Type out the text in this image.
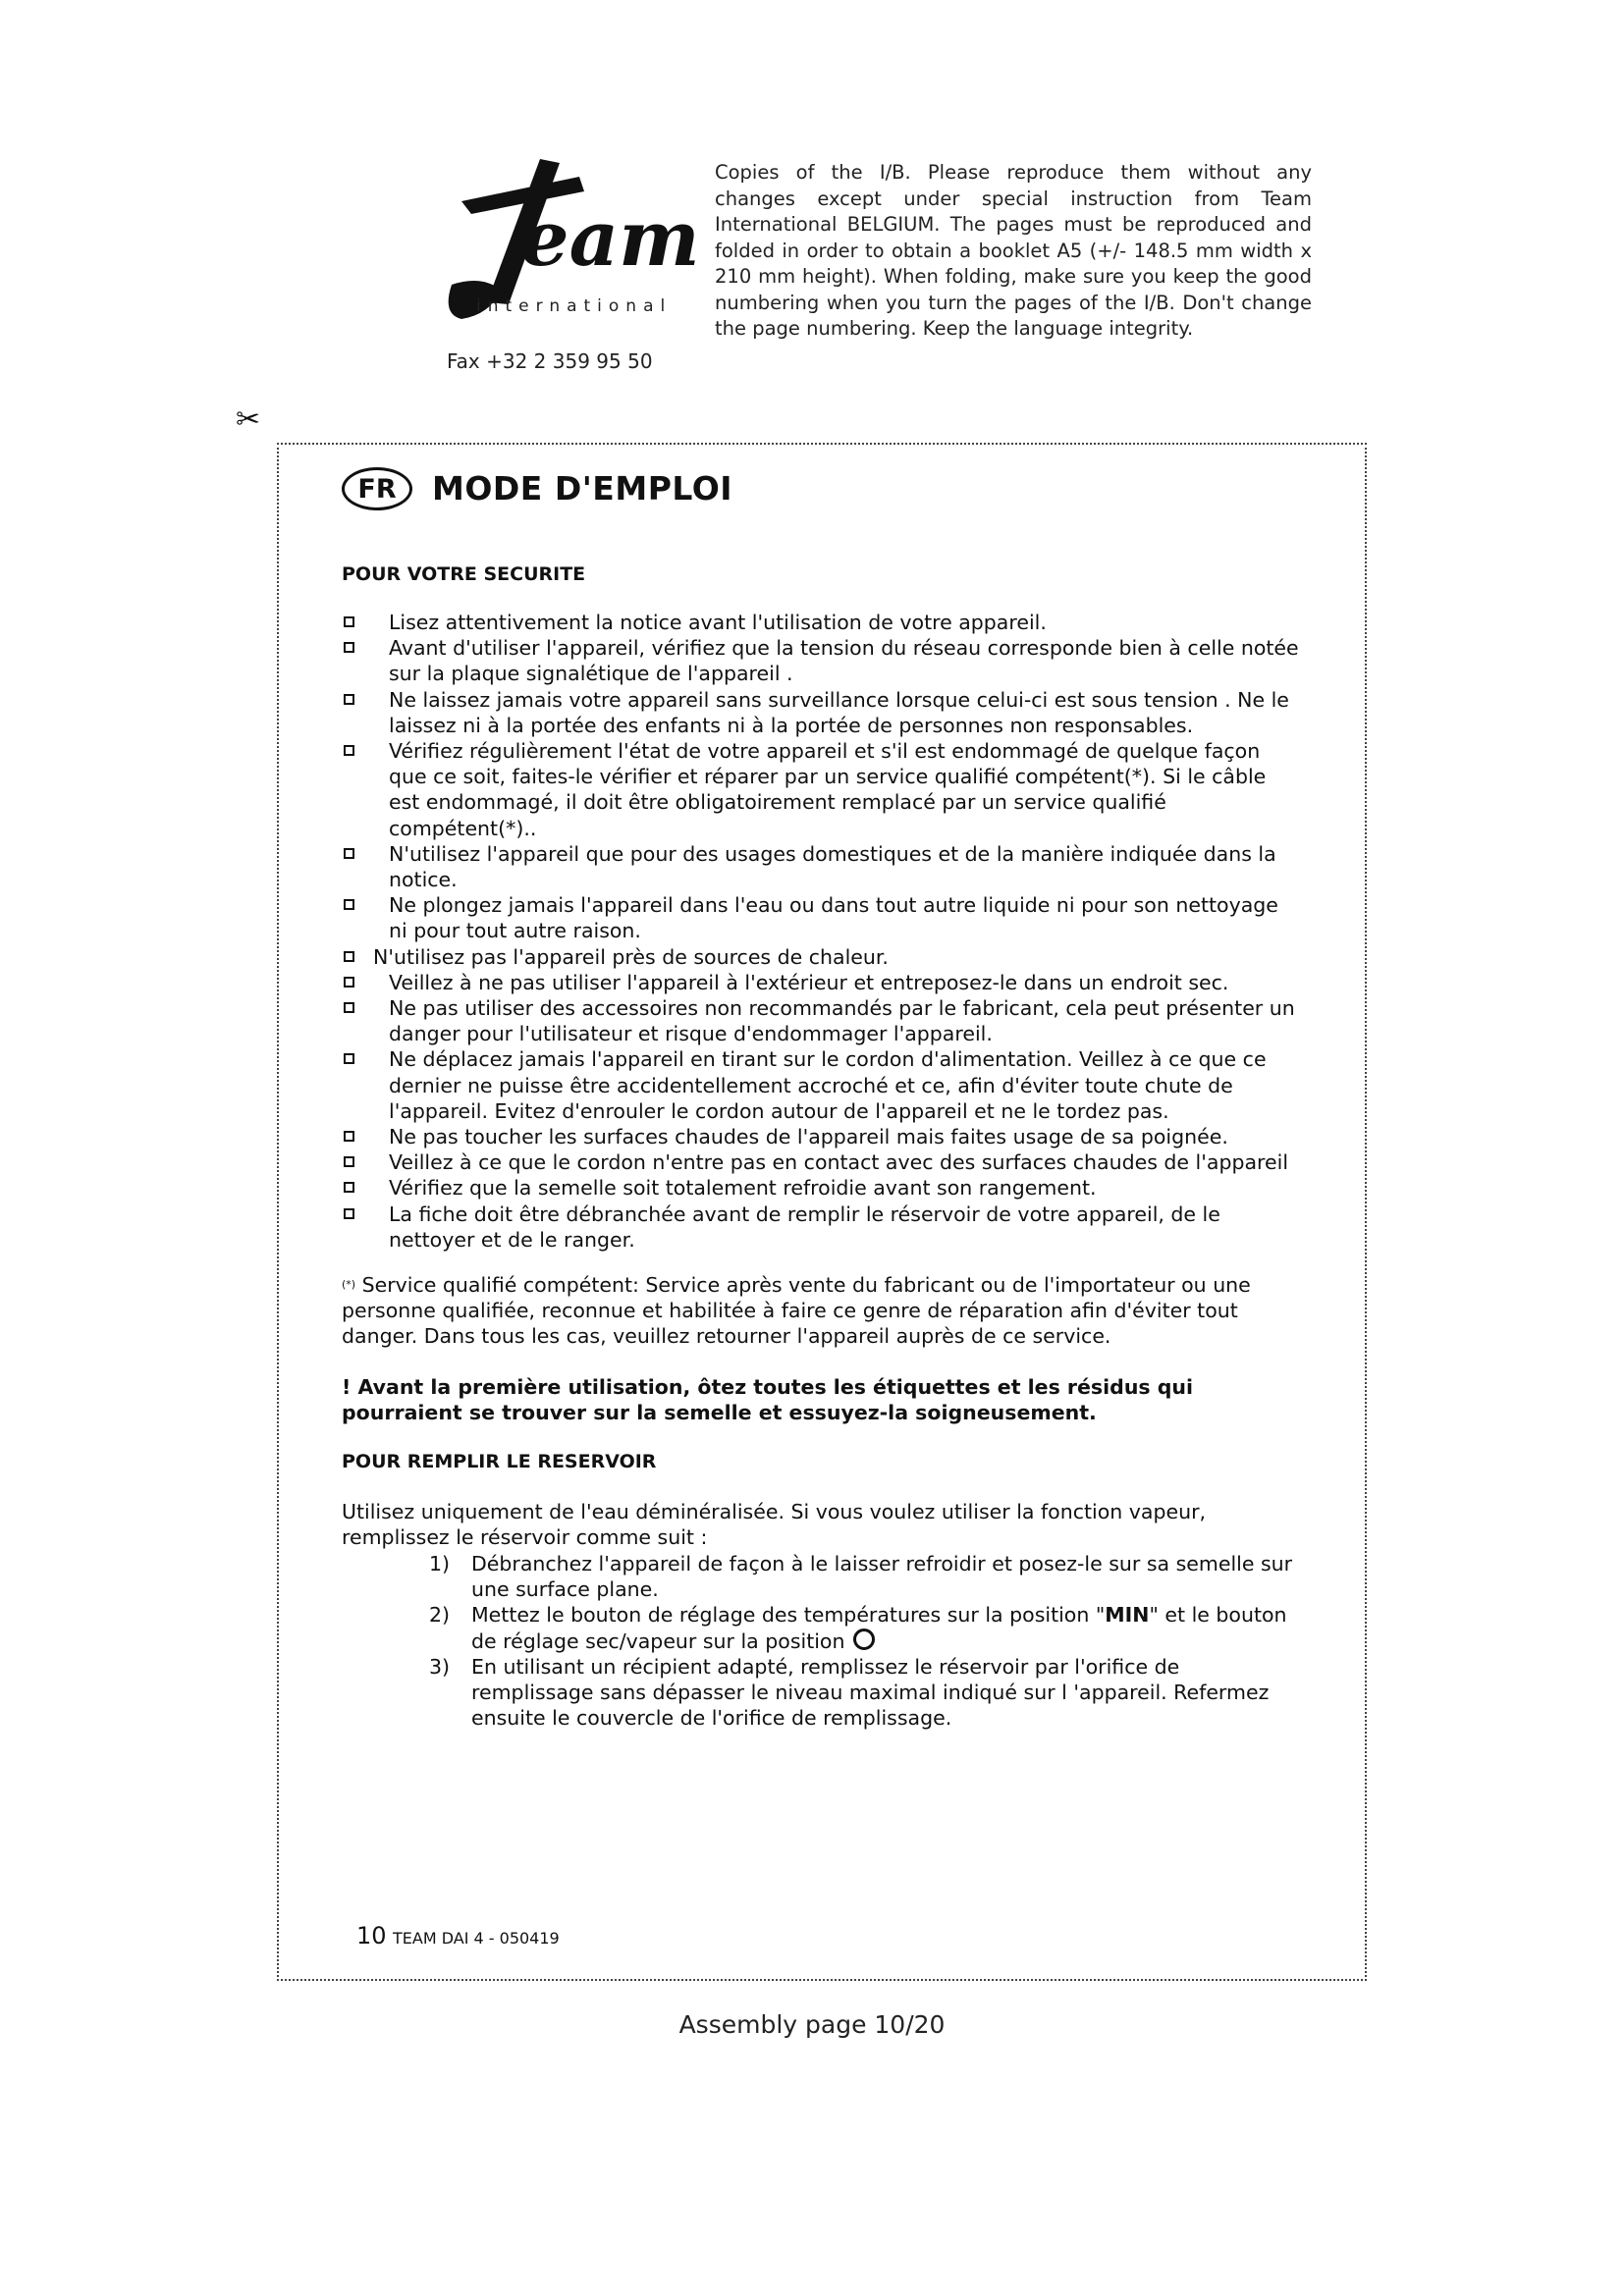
eam
international
Fax +32 2 359 95 50
Copies of the I/B. Please reproduce them without any changes except under special instruction from Team International BELGIUM. The pages must be reproduced and folded in order to obtain a booklet A5 (+/- 148.5 mm width x 210 mm height). When folding, make sure you keep the good numbering when you turn the pages of the I/B. Don't change the page numbering. Keep the language integrity.
✂
FR	MODE D'EMPLOI
POUR VOTRE SECURITE
Lisez attentivement la notice avant l'utilisation de votre appareil.
Avant d'utiliser l'appareil, vérifiez que la tension du réseau corresponde bien à celle notée sur la plaque signalétique de l'appareil .
Ne laissez jamais votre appareil sans surveillance lorsque celui-ci est sous tension . Ne le laissez ni à la portée des enfants ni à la portée de personnes non responsables.
Vérifiez régulièrement l'état de votre appareil et s'il est endommagé de quelque façon que ce soit, faites-le vérifier et réparer par un service qualifié compétent(*). Si le câble est endommagé, il doit être obligatoirement remplacé par un service qualifié compétent(*)..
N'utilisez l'appareil que pour des usages domestiques et de la manière indiquée dans la notice.
Ne plongez jamais l'appareil dans l'eau ou dans tout autre liquide ni pour son nettoyage ni pour tout autre raison.
N'utilisez pas l'appareil près de sources de chaleur.
Veillez à ne pas utiliser l'appareil à l'extérieur et entreposez-le dans un endroit sec.
Ne pas utiliser des accessoires non recommandés par le fabricant, cela peut présenter un danger pour l'utilisateur et risque d'endommager l'appareil.
Ne déplacez jamais l'appareil en tirant sur le cordon d'alimentation. Veillez à ce que ce dernier ne puisse être accidentellement accroché et ce, afin d'éviter toute chute de l'appareil. Evitez d'enrouler le cordon autour de l'appareil et ne le tordez pas.
Ne pas toucher les surfaces chaudes de l'appareil mais faites usage de sa poignée.
Veillez à ce que le cordon n'entre pas en contact avec des surfaces chaudes de l'appareil
Vérifiez que la semelle soit totalement refroidie avant son rangement.
La fiche doit être débranchée avant de remplir le réservoir de votre appareil, de le nettoyer et de le ranger.
(*) Service qualifié compétent: Service après vente du fabricant ou de l'importateur ou une personne qualifiée, reconnue et habilitée à faire ce genre de réparation afin d'éviter tout danger. Dans tous les cas, veuillez retourner l'appareil auprès de ce service.
! Avant la première utilisation, ôtez toutes les étiquettes et les résidus qui pourraient se trouver sur la semelle et essuyez-la soigneusement.
POUR REMPLIR LE RESERVOIR
Utilisez uniquement de l'eau déminéralisée. Si vous voulez utiliser la fonction vapeur, remplissez le réservoir comme suit :
1) Débranchez l'appareil de façon à le laisser refroidir et posez-le sur sa semelle sur une surface plane.
2) Mettez le bouton de réglage des températures sur la position "MIN" et le bouton de réglage sec/vapeur sur la position
3) En utilisant un récipient adapté, remplissez le réservoir par l'orifice de remplissage sans dépasser le niveau maximal indiqué sur l 'appareil. Refermez ensuite le couvercle de l'orifice de remplissage.
10 TEAM DAI 4 - 050419
Assembly page 10/20
